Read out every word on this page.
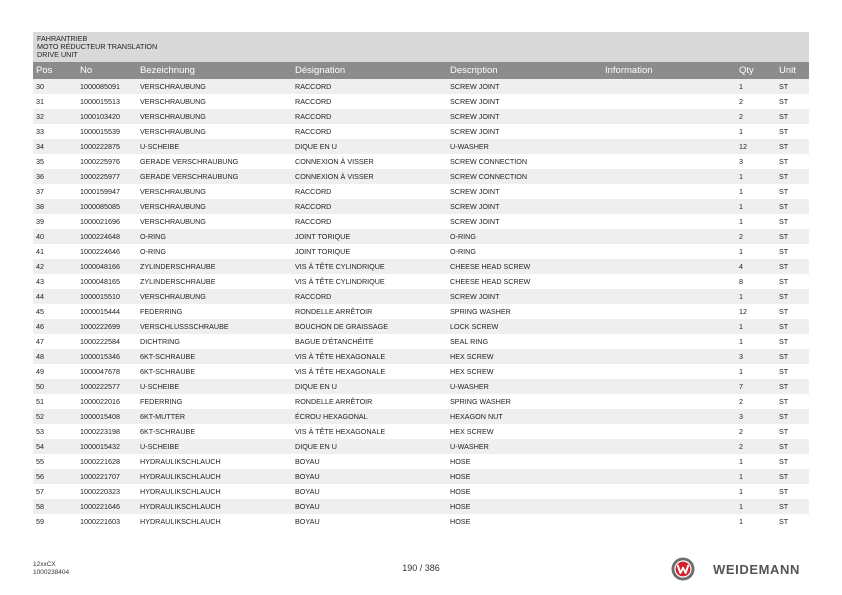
FAHRANTRIEB
MOTO RÉDUCTEUR TRANSLATION
DRIVE UNIT
Pos	No	Bezeichnung	Désignation	Description	Information	Qty	Unit
30	1000085091	VERSCHRAUBUNG	RACCORD	SCREW JOINT		1	ST
31	1000015513	VERSCHRAUBUNG	RACCORD	SCREW JOINT		2	ST
32	1000103420	VERSCHRAUBUNG	RACCORD	SCREW JOINT		2	ST
33	1000015539	VERSCHRAUBUNG	RACCORD	SCREW JOINT		1	ST
34	1000222875	U-SCHEIBE	DIQUE EN U	U-WASHER		12	ST
35	1000225976	GERADE VERSCHRAUBUNG	CONNEXION À VISSER	SCREW CONNECTION		3	ST
36	1000225977	GERADE VERSCHRAUBUNG	CONNEXION À VISSER	SCREW CONNECTION		1	ST
37	1000159947	VERSCHRAUBUNG	RACCORD	SCREW JOINT		1	ST
38	1000085085	VERSCHRAUBUNG	RACCORD	SCREW JOINT		1	ST
39	1000021696	VERSCHRAUBUNG	RACCORD	SCREW JOINT		1	ST
40	1000224648	O-RING	JOINT TORIQUE	O-RING		2	ST
41	1000224646	O-RING	JOINT TORIQUE	O-RING		1	ST
42	1000048166	ZYLINDERSCHRAUBE	VIS À TÊTE CYLINDRIQUE	CHEESE HEAD SCREW		4	ST
43	1000048165	ZYLINDERSCHRAUBE	VIS À TÊTE CYLINDRIQUE	CHEESE HEAD SCREW		8	ST
44	1000015510	VERSCHRAUBUNG	RACCORD	SCREW JOINT		1	ST
45	1000015444	FEDERRING	RONDELLE ARRÊTOIR	SPRING WASHER		12	ST
46	1000222699	VERSCHLUSSSCHRAUBE	BOUCHON DE GRAISSAGE	LOCK SCREW		1	ST
47	1000222584	DICHTRING	BAGUE D'ÉTANCHÉITÉ	SEAL RING		1	ST
48	1000015346	6KT-SCHRAUBE	VIS À TÊTE HEXAGONALE	HEX SCREW		3	ST
49	1000047678	6KT-SCHRAUBE	VIS À TÊTE HEXAGONALE	HEX SCREW		1	ST
50	1000222577	U-SCHEIBE	DIQUE EN U	U-WASHER		7	ST
51	1000022016	FEDERRING	RONDELLE ARRÊTOIR	SPRING WASHER		2	ST
52	1000015408	6KT-MUTTER	ÉCROU HEXAGONAL	HEXAGON NUT		3	ST
53	1000223198	6KT-SCHRAUBE	VIS À TÊTE HEXAGONALE	HEX SCREW		2	ST
54	1000015432	U-SCHEIBE	DIQUE EN U	U-WASHER		2	ST
55	1000221628	HYDRAULIKSCHLAUCH	BOYAU	HOSE		1	ST
56	1000221707	HYDRAULIKSCHLAUCH	BOYAU	HOSE		1	ST
57	1000220323	HYDRAULIKSCHLAUCH	BOYAU	HOSE		1	ST
58	1000221646	HYDRAULIKSCHLAUCH	BOYAU	HOSE		1	ST
59	1000221603	HYDRAULIKSCHLAUCH	BOYAU	HOSE		1	ST
12xxCX
1000238404	190 / 386	WEIDEMANN
